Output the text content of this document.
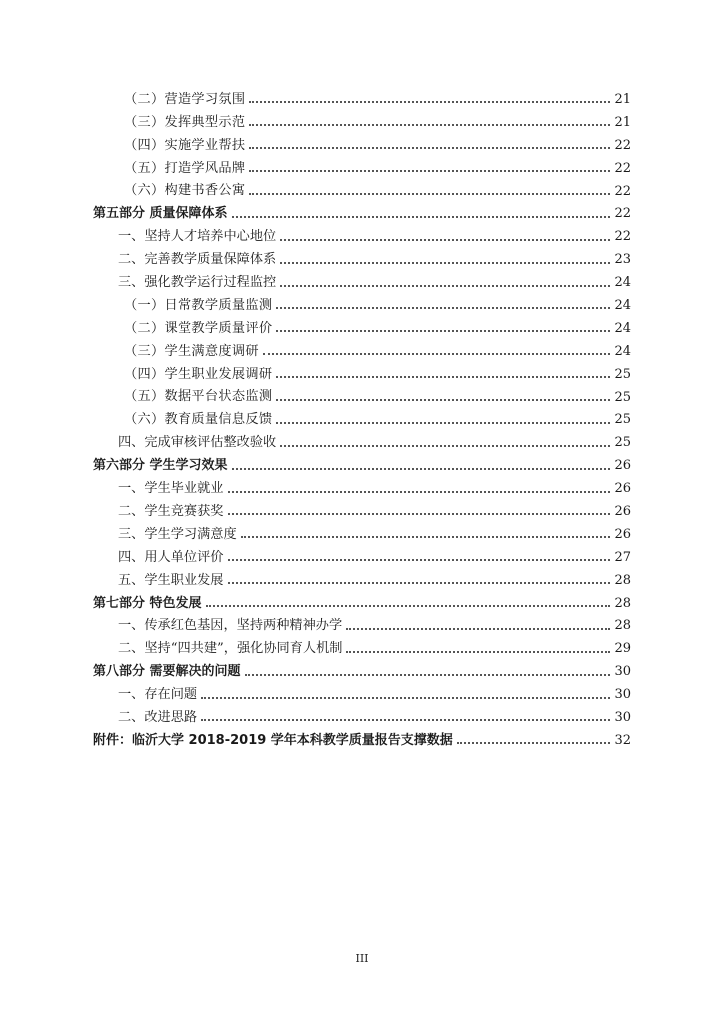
（二）营造学习氛围	21
（三）发挥典型示范	21
（四）实施学业帮扶	22
（五）打造学风品牌	22
（六）构建书香公寓	22
第五部分 质量保障体系	22
一、坚持人才培养中心地位	22
二、完善教学质量保障体系	23
三、强化教学运行过程监控	24
（一）日常教学质量监测	24
（二）课堂教学质量评价	24
（三）学生满意度调研	24
（四）学生职业发展调研	25
（五）数据平台状态监测	25
（六）教育质量信息反馈	25
四、完成审核评估整改验收	25
第六部分 学生学习效果	26
一、学生毕业就业	26
二、学生竞赛获奖	26
三、学生学习满意度	26
四、用人单位评价	27
五、学生职业发展	28
第七部分 特色发展	28
一、传承红色基因，坚持两种精神办学	28
二、坚持“四共建”，强化协同育人机制	29
第八部分 需要解决的问题	30
一、存在问题	30
二、改进思路	30
附件：临沂大学 2018-2019 学年本科教学质量报告支撑数据	32
III
